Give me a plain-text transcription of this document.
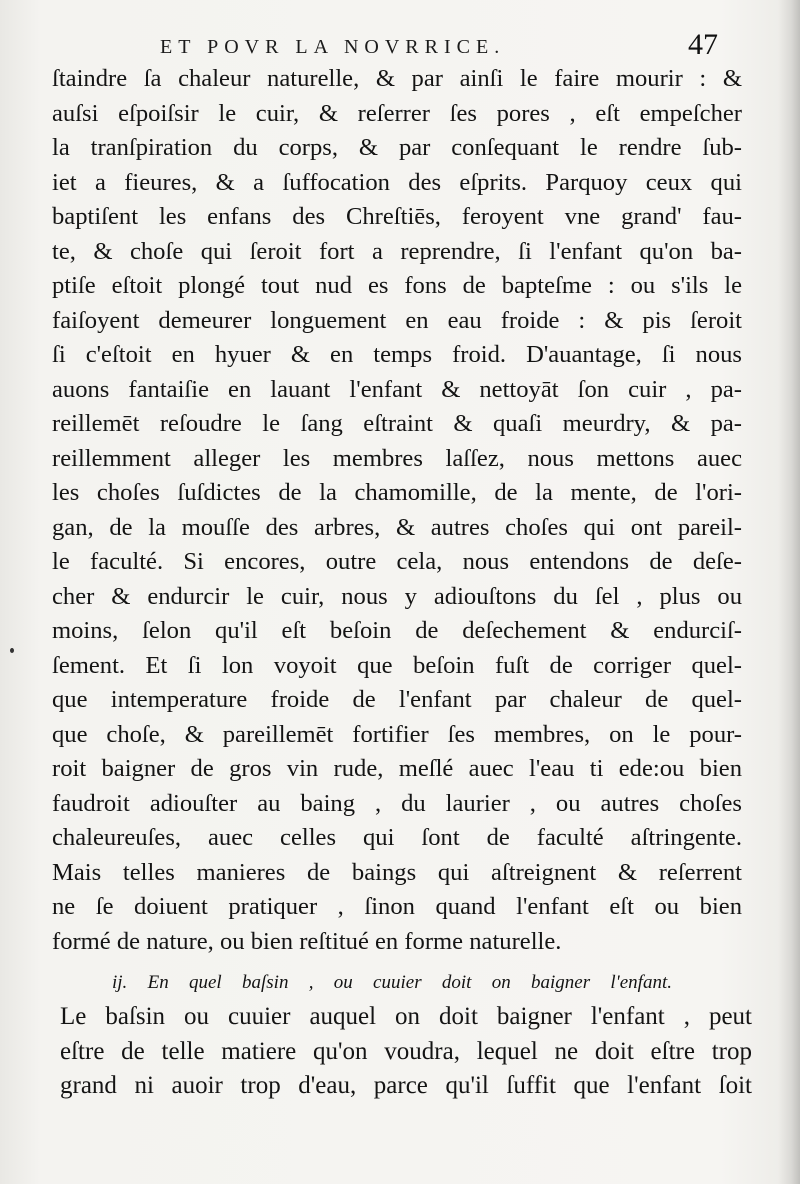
ET POVR LA NOVRRICE.	47
ſtaindre ſa chaleur naturelle, & par ainſi le faire mourir : &
auſsi eſpoiſsir le cuir, & reſerrer ſes pores , eſt empeſcher
la tranſpiration du corps, & par conſequant le rendre ſub-
iet a fieures, & a ſuffocation des eſprits. Parquoy ceux qui
baptiſent les enfans des Chreſtiēs, feroyent vne grand' fau-
te, & choſe qui ſeroit fort a reprendre, ſi l'enfant qu'on ba-
ptiſe eſtoit plongé tout nud es fons de bapteſme : ou s'ils le
faiſoyent demeurer longuement en eau froide : & pis ſeroit
ſi c'eſtoit en hyuer & en temps froid. D'auantage, ſi nous
auons fantaiſie en lauant l'enfant & nettoyāt ſon cuir , pa-
reillemēt reſoudre le ſang eſtraint & quaſi meurdry, & pa-
reillemment alleger les membres laſſez, nous mettons auec
les choſes ſuſdictes de la chamomille, de la mente, de l'ori-
gan, de la mouſſe des arbres, & autres choſes qui ont pareil-
le faculté. Si encores, outre cela, nous entendons de deſe-
cher & endurcir le cuir, nous y adiouſtons du ſel , plus ou
moins, ſelon qu'il eſt beſoin de deſechement & endurciſ-
ſement. Et ſi lon voyoit que beſoin fuſt de corriger quel-
que intemperature froide de l'enfant par chaleur de quel-
que choſe, & pareillemēt fortifier ſes membres, on le pour-
roit baigner de gros vin rude, meſlé auec l'eau ti ede:ou bien
faudroit adiouſter au baing , du laurier , ou autres choſes
chaleureuſes, auec celles qui ſont de faculté aſtringente.
Mais telles manieres de baings qui aſtreignent & reſerrent
ne ſe doiuent pratiquer , ſinon quand l'enfant eſt ou bien
formé de nature, ou bien reſtitué en forme naturelle.
ij. En quel baſsin , ou cuuier doit on baigner l'enfant.
Le baſsin ou cuuier auquel on doit baigner l'enfant , peut
eſtre de telle matiere qu'on voudra, lequel ne doit eſtre trop
grand ni auoir trop d'eau, parce qu'il ſuffit que l'enfant ſoit
